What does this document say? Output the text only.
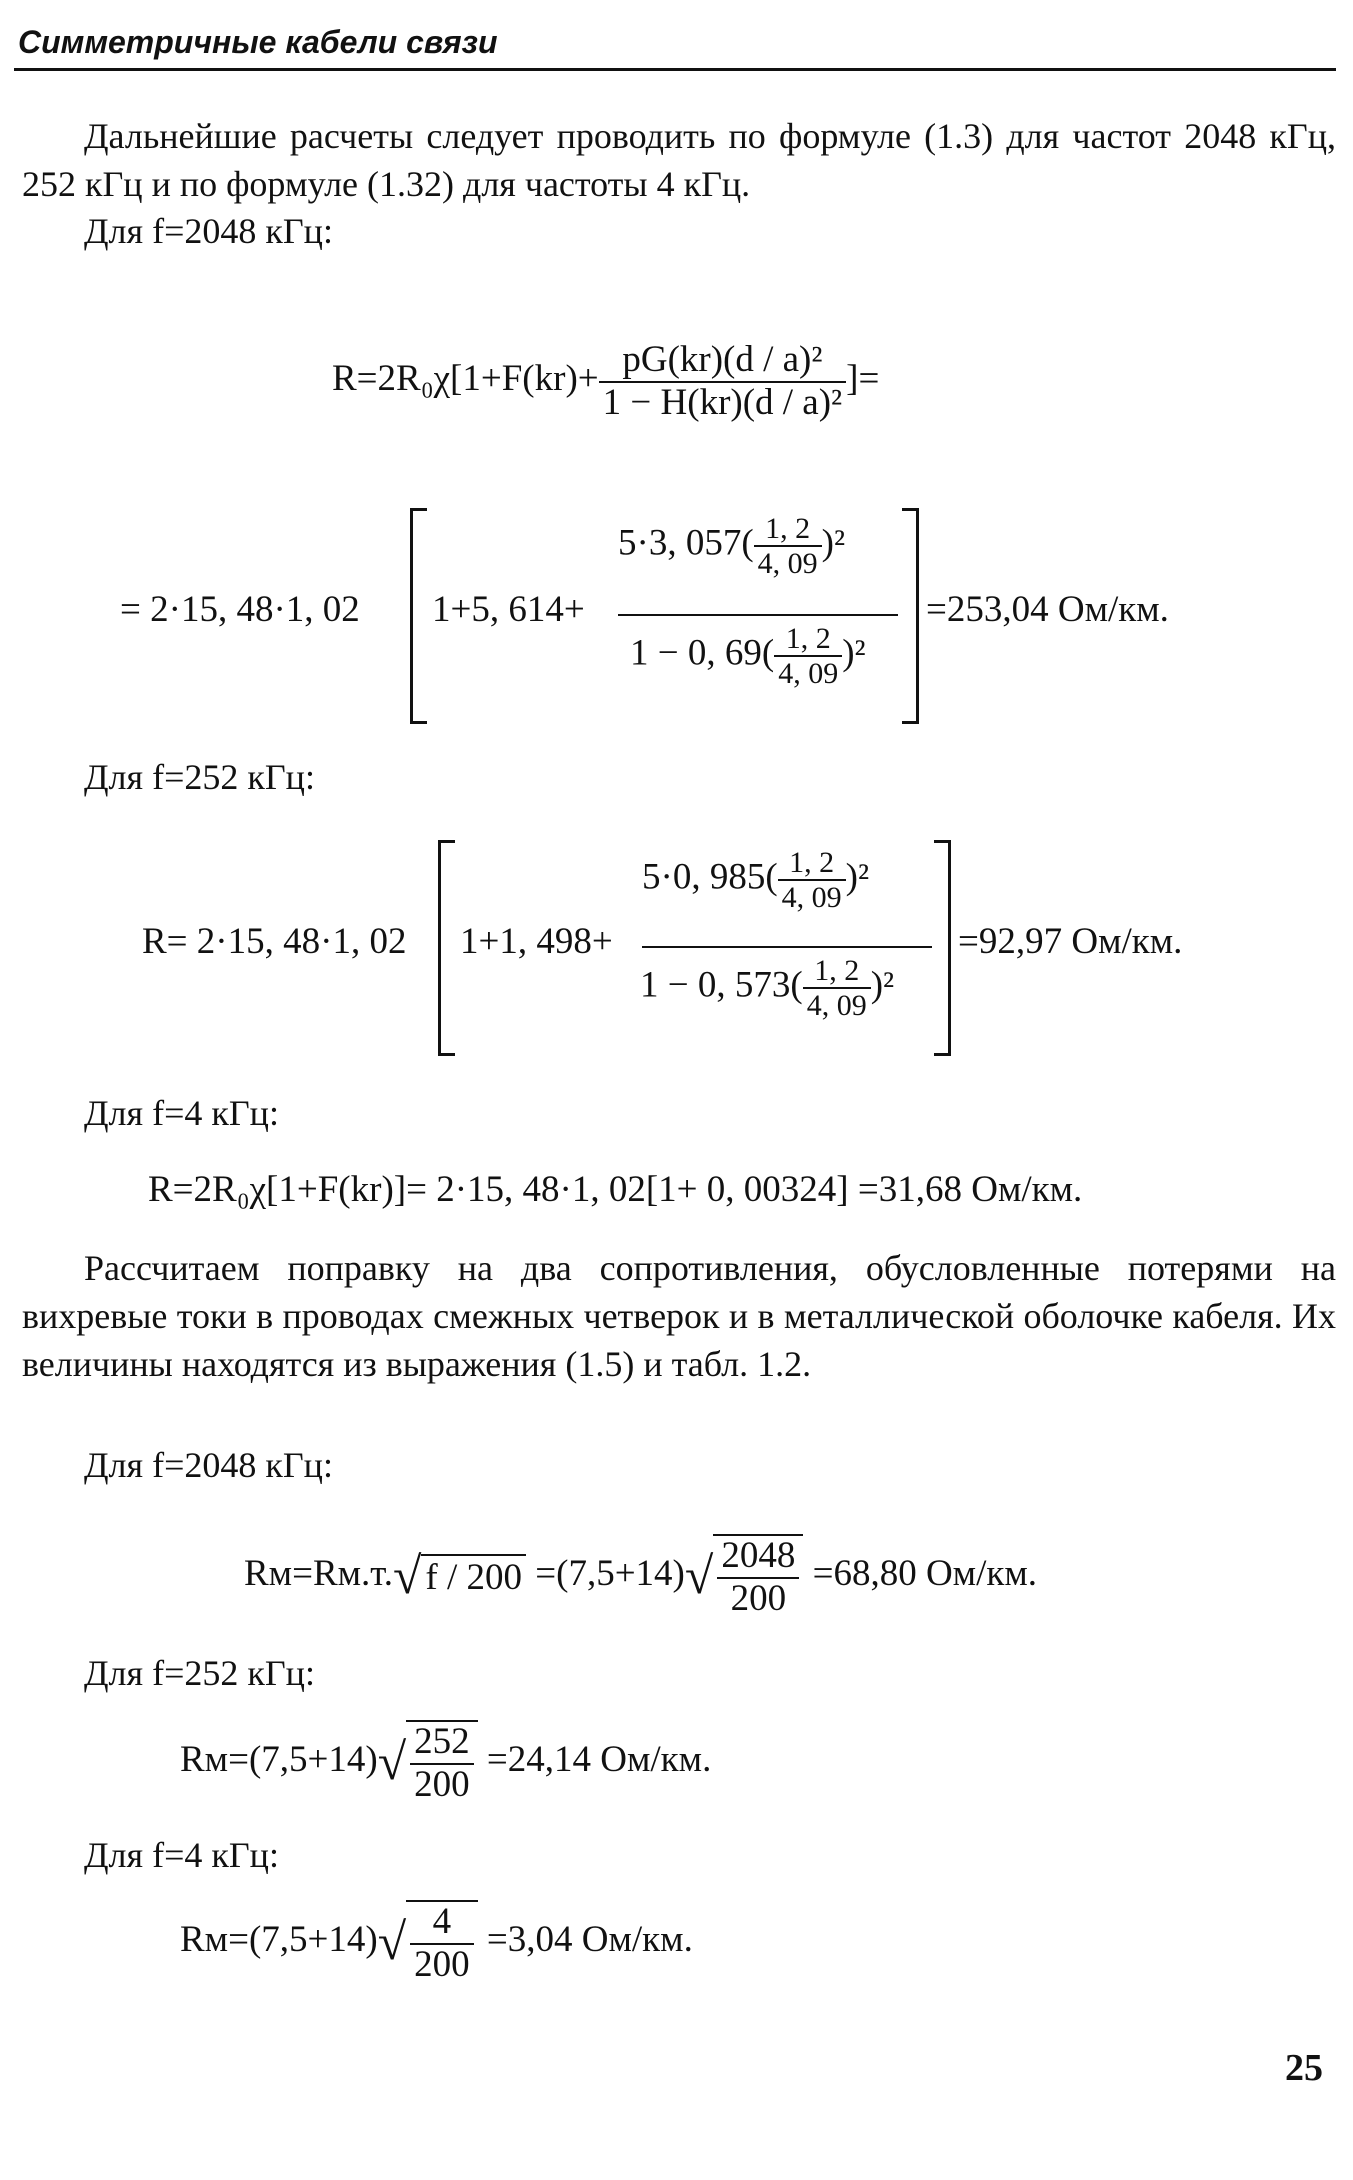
Симметричные кабели связи
Дальнейшие расчеты следует проводить по формуле (1.3) для частот 2048 кГц, 252 кГц и по формуле (1.32) для частоты 4 кГц.
Для f=2048 кГц:
$R=2R_0\chi[1+F(kr)+ \frac{\text{pG(kr)(d / a)²}}{\text{1 − H(kr)(d / a)²}}$ ]=
= 2·15, 48·1, 02 1+5, 614+
5·3, $057( \frac{1, 2}{4, 09} )^2$
1 − 0, $69( \frac{1, 2}{4, 09} )^2$
=253,04 Ом/км.
Для f=252 кГц:
R= 2·15, 48·1, 02 1+1, 498+
5·0, $985( \frac{1, 2}{4, 09} )^2$
1 − 0, $573( \frac{1, 2}{4, 09} )^2$
=92,97 Ом/км.
Для f=4 кГц:
R=2R₀χ[1+F(kr)]= 2·15, 48·1, 02[1+ 0, 00324] =31,68 Ом/км.
Рассчитаем поправку на два сопротивления, обусловленные потерями на вихревые токи в проводах смежных четверок и в металлической оболочке кабеля. Их величины находятся из выражения (1.5) и табл. 1.2.
Для f=2048 кГц:
Rм=Rм.т.√ $f / 200 =(7,5+14)√ \frac{2048}{200} =68,80$ Ом/км.
Для f=252 кГц:
$Rм=(7,5+14)√ \frac{252}{200} =24,14$ Ом/км.
Для f=4 кГц:
$Rм=(7,5+14)√ \frac{4}{200} =3,04$ Ом/км.
25
